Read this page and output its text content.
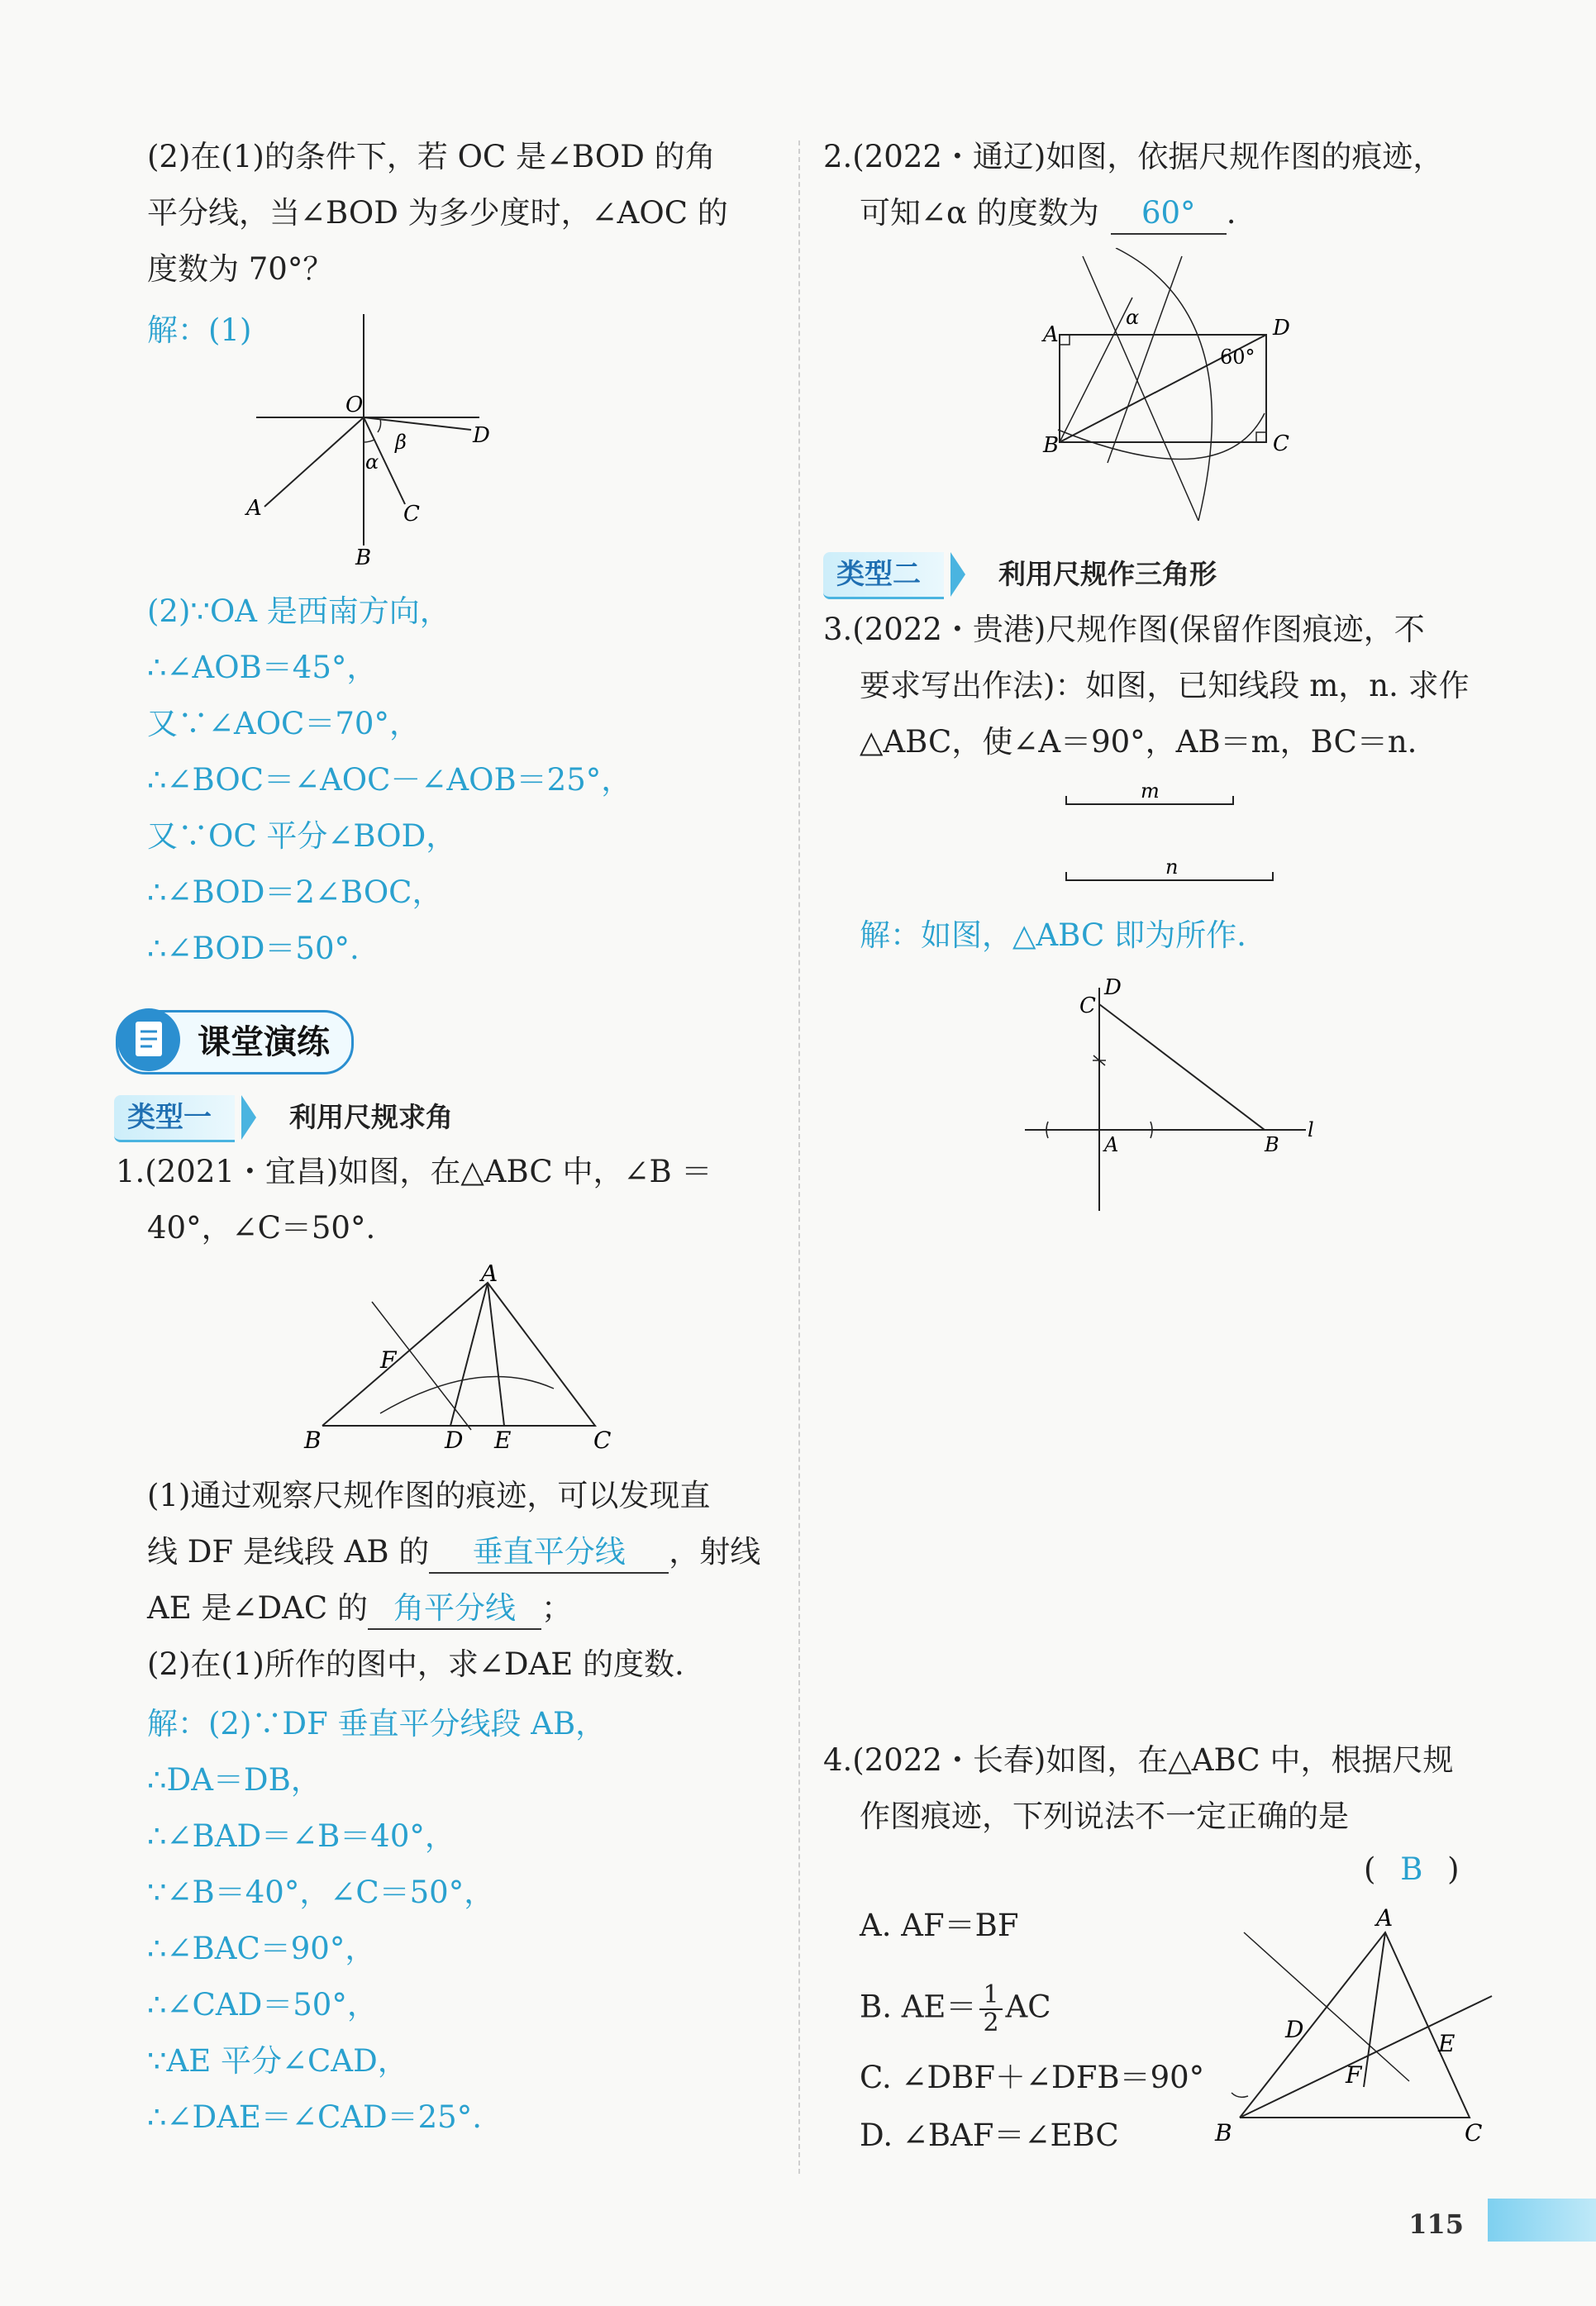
(2)在(1)的条件下，若 OC 是∠BOD 的角
平分线，当∠BOD 为多少度时，∠AOC 的
度数为 70°？
解：(1)
O
D
A
B
C
α
β
(2)∵OA 是西南方向，
∴∠AOB＝45°，
又∵∠AOC＝70°，
∴∠BOC＝∠AOC－∠AOB＝25°，
又∵OC 平分∠BOD，
∴∠BOD＝2∠BOC，
∴∠BOD＝50°.
课堂演练
类型一	利用尺规求角
1.(2021・宜昌)如图，在△ABC 中，∠B ＝
40°，∠C＝50°.
A
B	C
D E
F
(1)通过观察尺规作图的痕迹，可以发现直
线 DF 是线段 AB 的 垂直平分线 ，射线
AE 是∠DAC 的 角平分线 ；
(2)在(1)所作的图中，求∠DAE 的度数.
解：(2)∵DF 垂直平分线段 AB，
∴DA＝DB，
∴∠BAD＝∠B＝40°，
∵∠B＝40°，∠C＝50°，
∴∠BAC＝90°，
∴∠CAD＝50°，
∵AE 平分∠CAD，
∴∠DAE＝∠CAD＝25°.
2.(2022・通辽)如图，依据尺规作图的痕迹，
可知∠α 的度数为 60° .
A
B	C
D
α
60°
类型二	利用尺规作三角形
3.(2022・贵港)尺规作图(保留作图痕迹，不
要求写出作法)：如图，已知线段 m，n. 求作
△ABC，使∠A＝90°，AB＝m，BC＝n.
m
n
解：如图，△ABC 即为所作.
C
D
A	B
l
4.(2022・长春)如图，在△ABC 中，根据尺规
作图痕迹，下列说法不一定正确的是
( B )
A. AF＝BF
B. $AE= \frac{1}{2}$ AC
C. ∠DBF＋∠DFB＝90°
D. ∠BAF＝∠EBC
A
B	C
D
E
F
115
